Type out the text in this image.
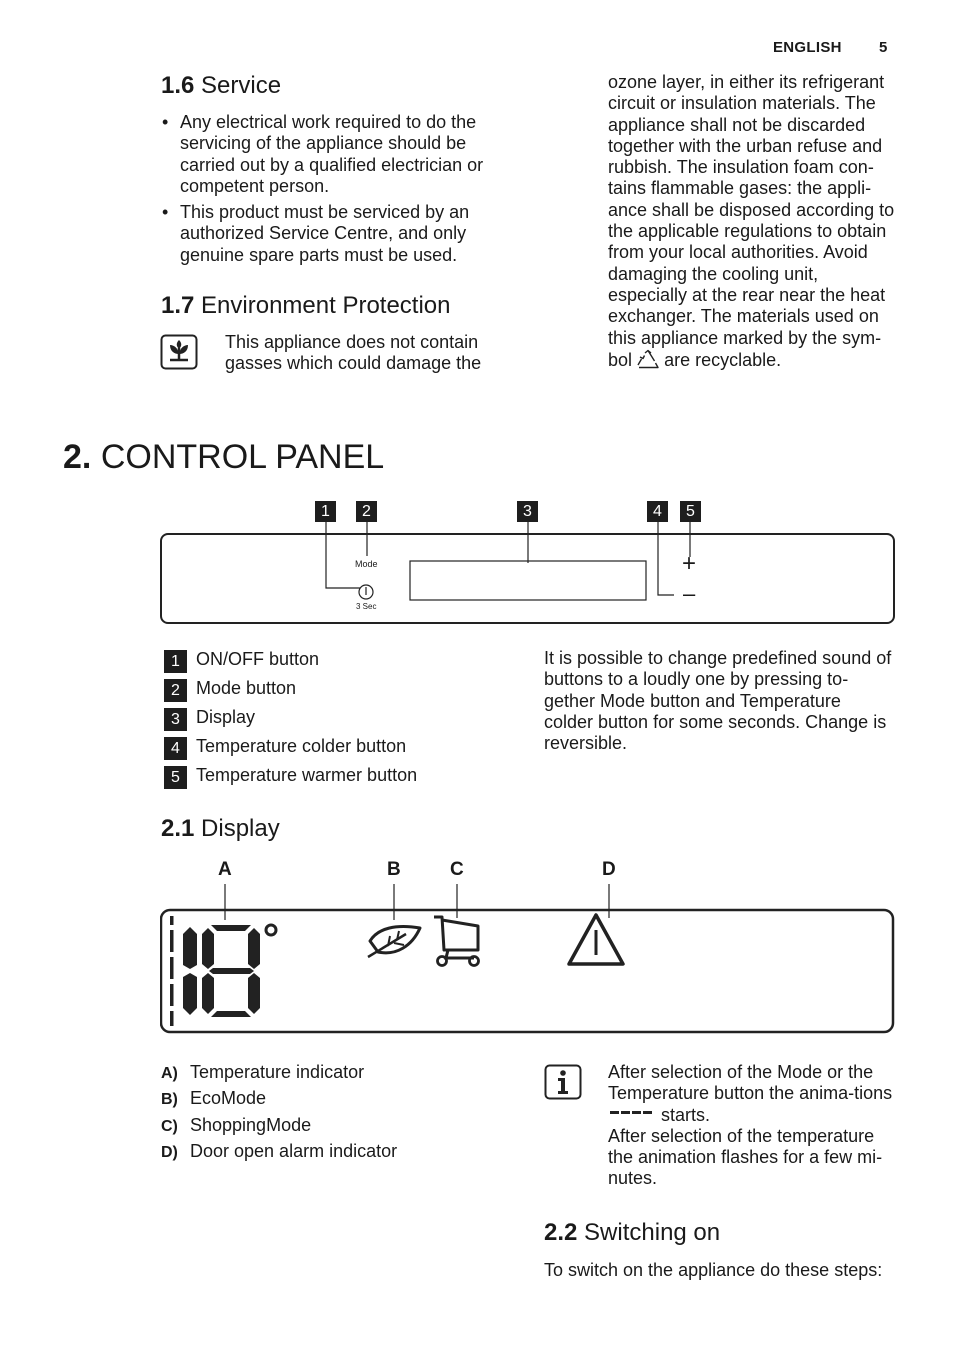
ENGLISH 5
1.6 Service
• Any electrical work required to do the servicing of the appliance should be carried out by a qualified electrician or competent person.
• This product must be serviced by an authorized Service Centre, and only genuine spare parts must be used.
1.7 Environment Protection
This appliance does not contain gasses which could damage the
ozone layer, in either its refrigerant circuit or insulation materials. The appliance shall not be discarded together with the urban refuse and rubbish. The insulation foam con-tains flammable gases: the appli-ance shall be disposed according to the applicable regulations to obtain from your local authorities. Avoid damaging the cooling unit, especially at the rear near the heat exchanger. The materials used on this appliance marked by the sym-bol are recyclable.
2. CONTROL PANEL
1	2	3	4	5
Mode
3 Sec
+
–
1 ON/OFF button
2 Mode button
3 Display
4 Temperature colder button
5 Temperature warmer button
It is possible to change predefined sound of buttons to a loudly one by pressing to-gether Mode button and Temperature colder button for some seconds. Change is reversible.
2.1 Display
A	B	C	D
A) Temperature indicator
B) EcoMode
C) ShoppingMode
D) Door open alarm indicator
After selection of the Mode or the Temperature button the anima-tions  starts.
After selection of the temperature the animation flashes for a few mi-nutes.
2.2 Switching on
To switch on the appliance do these steps:
